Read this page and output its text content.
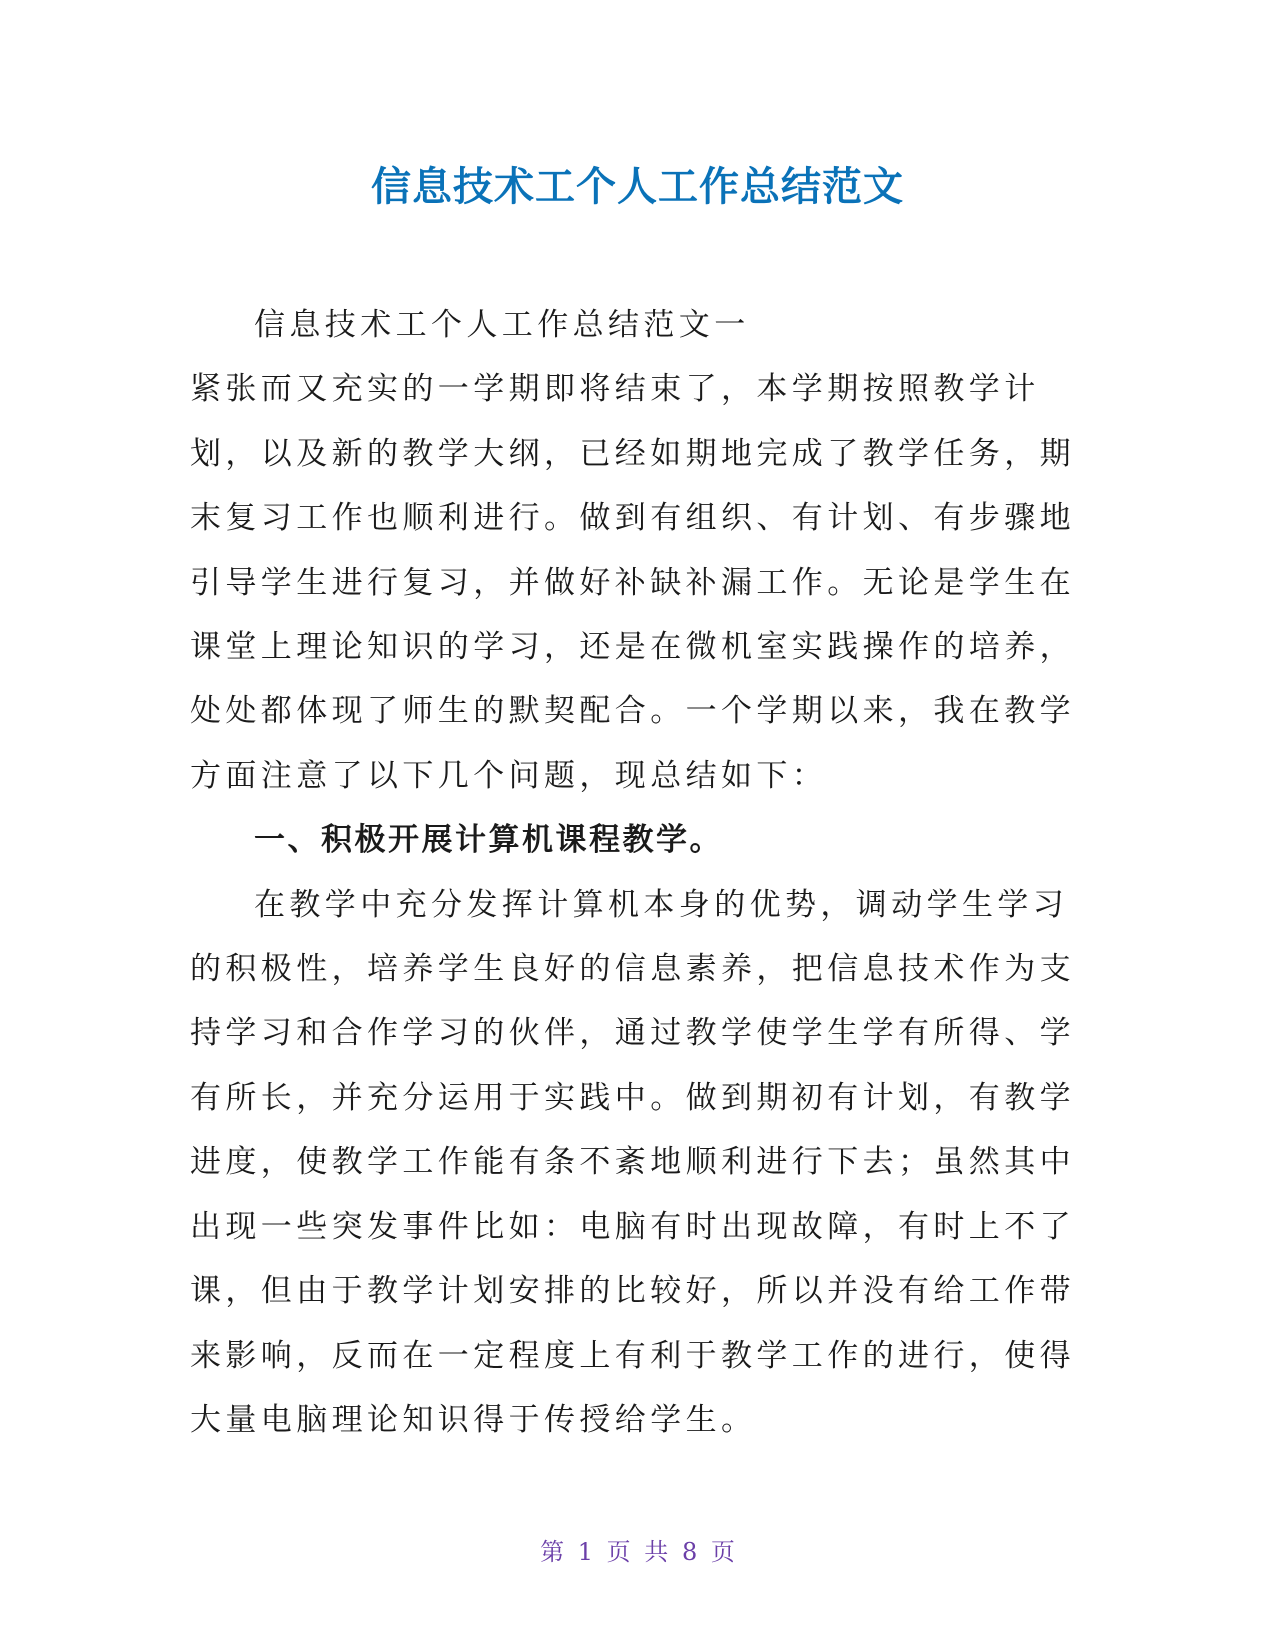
信息技术工个人工作总结范文

信息技术工个人工作总结范文一

紧张而又充实的一学期即将结束了，本学期按照教学计划，以及新的教学大纲，已经如期地完成了教学任务，期末复习工作也顺利进行。做到有组织、有计划、有步骤地引导学生进行复习，并做好补缺补漏工作。无论是学生在课堂上理论知识的学习，还是在微机室实践操作的培养，处处都体现了师生的默契配合。一个学期以来，我在教学方面注意了以下几个问题，现总结如下：

一、积极开展计算机课程教学。

在教学中充分发挥计算机本身的优势，调动学生学习的积极性，培养学生良好的信息素养，把信息技术作为支持学习和合作学习的伙伴，通过教学使学生学有所得、学有所长，并充分运用于实践中。做到期初有计划，有教学进度，使教学工作能有条不紊地顺利进行下去；虽然其中出现一些突发事件比如：电脑有时出现故障，有时上不了课，但由于教学计划安排的比较好，所以并没有给工作带来影响，反而在一定程度上有利于教学工作的进行，使得大量电脑理论知识得于传授给学生。

第 1 页 共 8 页
